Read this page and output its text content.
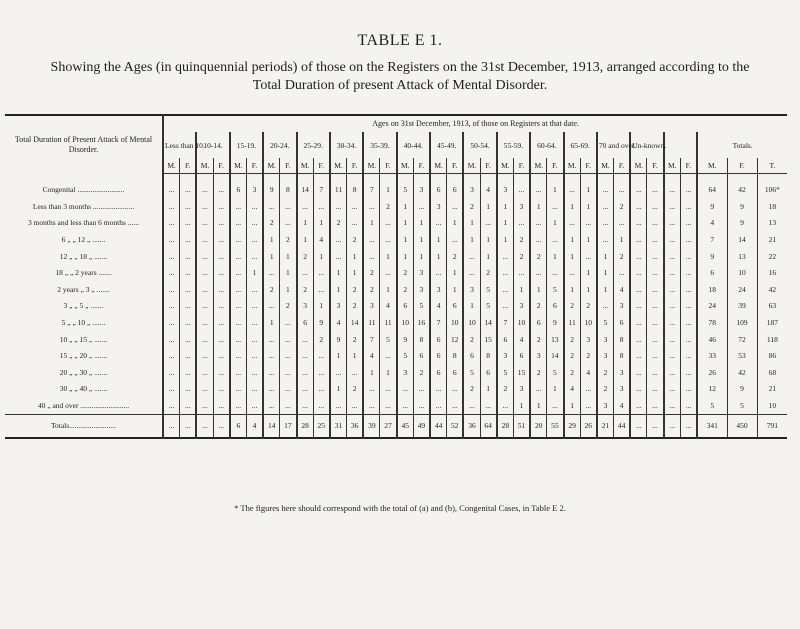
TABLE E 1.
Showing the Ages (in quinquennial periods) of those on the Registers on the 31st December, 1913, arranged according to the
Total Duration of present Attack of Mental Disorder.
Total Duration of Present Attack of Mental Disorder.	Ages on 31st December, 1913, of those on Registers at that date.																																		
	Less than 10.		10-14.		15-19.		20-24.		25-29.		30-34.		35-39.		40-44.		45-49.		50-54.		55-59.		60-64.		65-69.		70 and over.		Un-known.				Totals.		
	M.	F.	M.	F.	M.	F.	M.	F.	M.	F.	M.	F.	M.	F.	M.	F.	M.	F.	M.	F.	M.	F.	M.	F.	M.	F.	M.	F.	M.	F.	M.	F.	M.	F.	T.
Congenital .........................	...	...	...	...	6	3	9	8	14	7	11	8	7	1	5	3	6	6	3	4	3	...	...	1	...	1	...	...	...	...	...	...	64	42	106*
Less than 3 months ......................	...	...	...	...	...	...	...	...	...	...	...	...	...	2	1	...	3	...	2	1	1	3	1	...	1	1	...	2	...	...	...	...	9	9	18
3 months and less than 6 months ......	...	...	...	...	...	...	2	...	1	1	2	...	1	...	1	1	...	1	1	...	1	...	...	1	...	...	...	...	...	...	...	...	4	9	13
6 „ „ 12 „ .......	...	...	...	...	...	...	1	2	1	4	...	2	...	...	1	1	1	...	1	1	1	2	...	...	1	1	...	1	...	...	...	...	7	14	21
12 „ „ 18 „ .......	...	...	...	...	...	...	1	1	2	1	...	1	...	1	1	1	1	2	...	1	...	2	2	1	1	...	1	2	...	...	...	...	9	13	22
18 „ „ 2 years .......	...	...	...	...	...	1	...	1	...	...	1	1	2	...	2	3	...	1	...	2	...	...	...	...	...	1	1	...	...	...	...	...	6	10	16
2 years „ 3 „ .......	...	...	...	...	...	...	2	1	2	...	1	2	2	1	2	3	3	1	3	5	...	1	1	5	1	1	1	4	...	...	...	...	18	24	42
3 „ „ 5 „ .......	...	...	...	...	...	...	...	2	3	1	3	2	3	4	6	5	4	6	1	5	...	3	2	6	2	2	...	3	...	...	...	...	24	39	63
5 „ „ 10 „ .......	...	...	...	...	...	...	1	...	6	9	4	14	11	11	10	16	7	10	10	14	7	10	6	9	11	10	5	6	...	...	...	...	78	109	187
10 „ „ 15 „ .......	...	...	...	...	...	...	...	...	...	2	9	2	7	5	9	8	6	12	2	15	6	4	2	13	2	3	3	8	...	...	...	...	46	72	118
15 „ „ 20 „ .......	...	...	...	...	...	...	...	...	...	...	1	1	4	...	5	6	6	8	6	8	3	6	3	14	2	2	3	8	...	...	...	...	33	53	86
20 „ „ 30 „ .......	...	...	...	...	...	...	...	...	...	...	...	...	1	1	3	2	6	6	5	6	5	15	2	5	2	4	2	3	...	...	...	...	26	42	68
30 „ „ 40 „ .......	...	...	...	...	...	...	...	...	...	...	1	2	...	...	...	...	...	...	2	1	2	3	...	1	4	...	2	3	...	...	...	...	12	9	21
40 „ and over ..........................	...	...	...	...	...	...	...	...	...	...	...	...	...	...	...	...	...	...	...	...	...	1	1	...	1	...	3	4	...	...	...	...	5	5	10
Totals.........................	...	...	...	...	6	4	14	17	28	25	31	36	39	27	45	49	44	52	36	64	28	51	20	55	29	26	21	44	...	...	...	...	341	450	791
* The figures here should correspond with the total of (a) and (b), Congenital Cases, in Table E 2.
